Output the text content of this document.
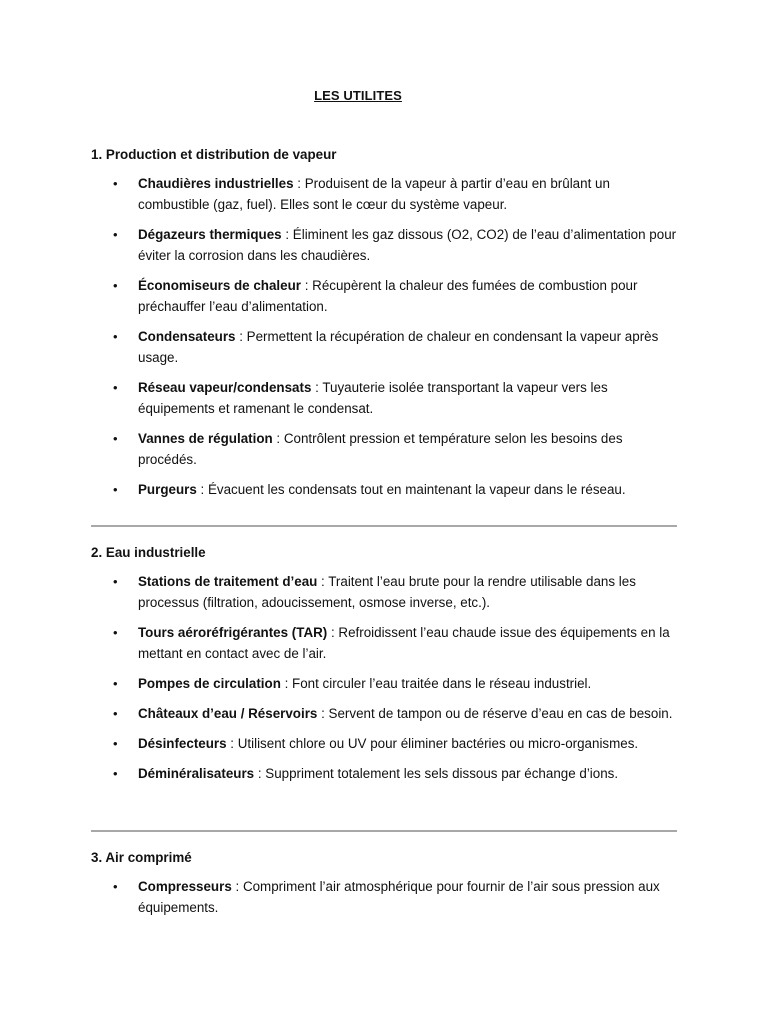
LES UTILITES
1. Production et distribution de vapeur
• Chaudières industrielles : Produisent de la vapeur à partir d’eau en brûlant un combustible (gaz, fuel). Elles sont le cœur du système vapeur.
• Dégazeurs thermiques : Éliminent les gaz dissous (O2, CO2) de l’eau d’alimentation pour éviter la corrosion dans les chaudières.
• Économiseurs de chaleur : Récupèrent la chaleur des fumées de combustion pour préchauffer l’eau d’alimentation.
• Condensateurs : Permettent la récupération de chaleur en condensant la vapeur après usage.
• Réseau vapeur/condensats : Tuyauterie isolée transportant la vapeur vers les équipements et ramenant le condensat.
• Vannes de régulation : Contrôlent pression et température selon les besoins des procédés.
• Purgeurs : Évacuent les condensats tout en maintenant la vapeur dans le réseau.
2. Eau industrielle
• Stations de traitement d’eau : Traitent l’eau brute pour la rendre utilisable dans les processus (filtration, adoucissement, osmose inverse, etc.).
• Tours aéroréfrigérantes (TAR) : Refroidissent l’eau chaude issue des équipements en la mettant en contact avec de l’air.
• Pompes de circulation : Font circuler l’eau traitée dans le réseau industriel.
• Châteaux d’eau / Réservoirs : Servent de tampon ou de réserve d’eau en cas de besoin.
• Désinfecteurs : Utilisent chlore ou UV pour éliminer bactéries ou micro-organismes.
• Déminéralisateurs : Suppriment totalement les sels dissous par échange d’ions.
3. Air comprimé
• Compresseurs : Compriment l’air atmosphérique pour fournir de l’air sous pression aux équipements.
